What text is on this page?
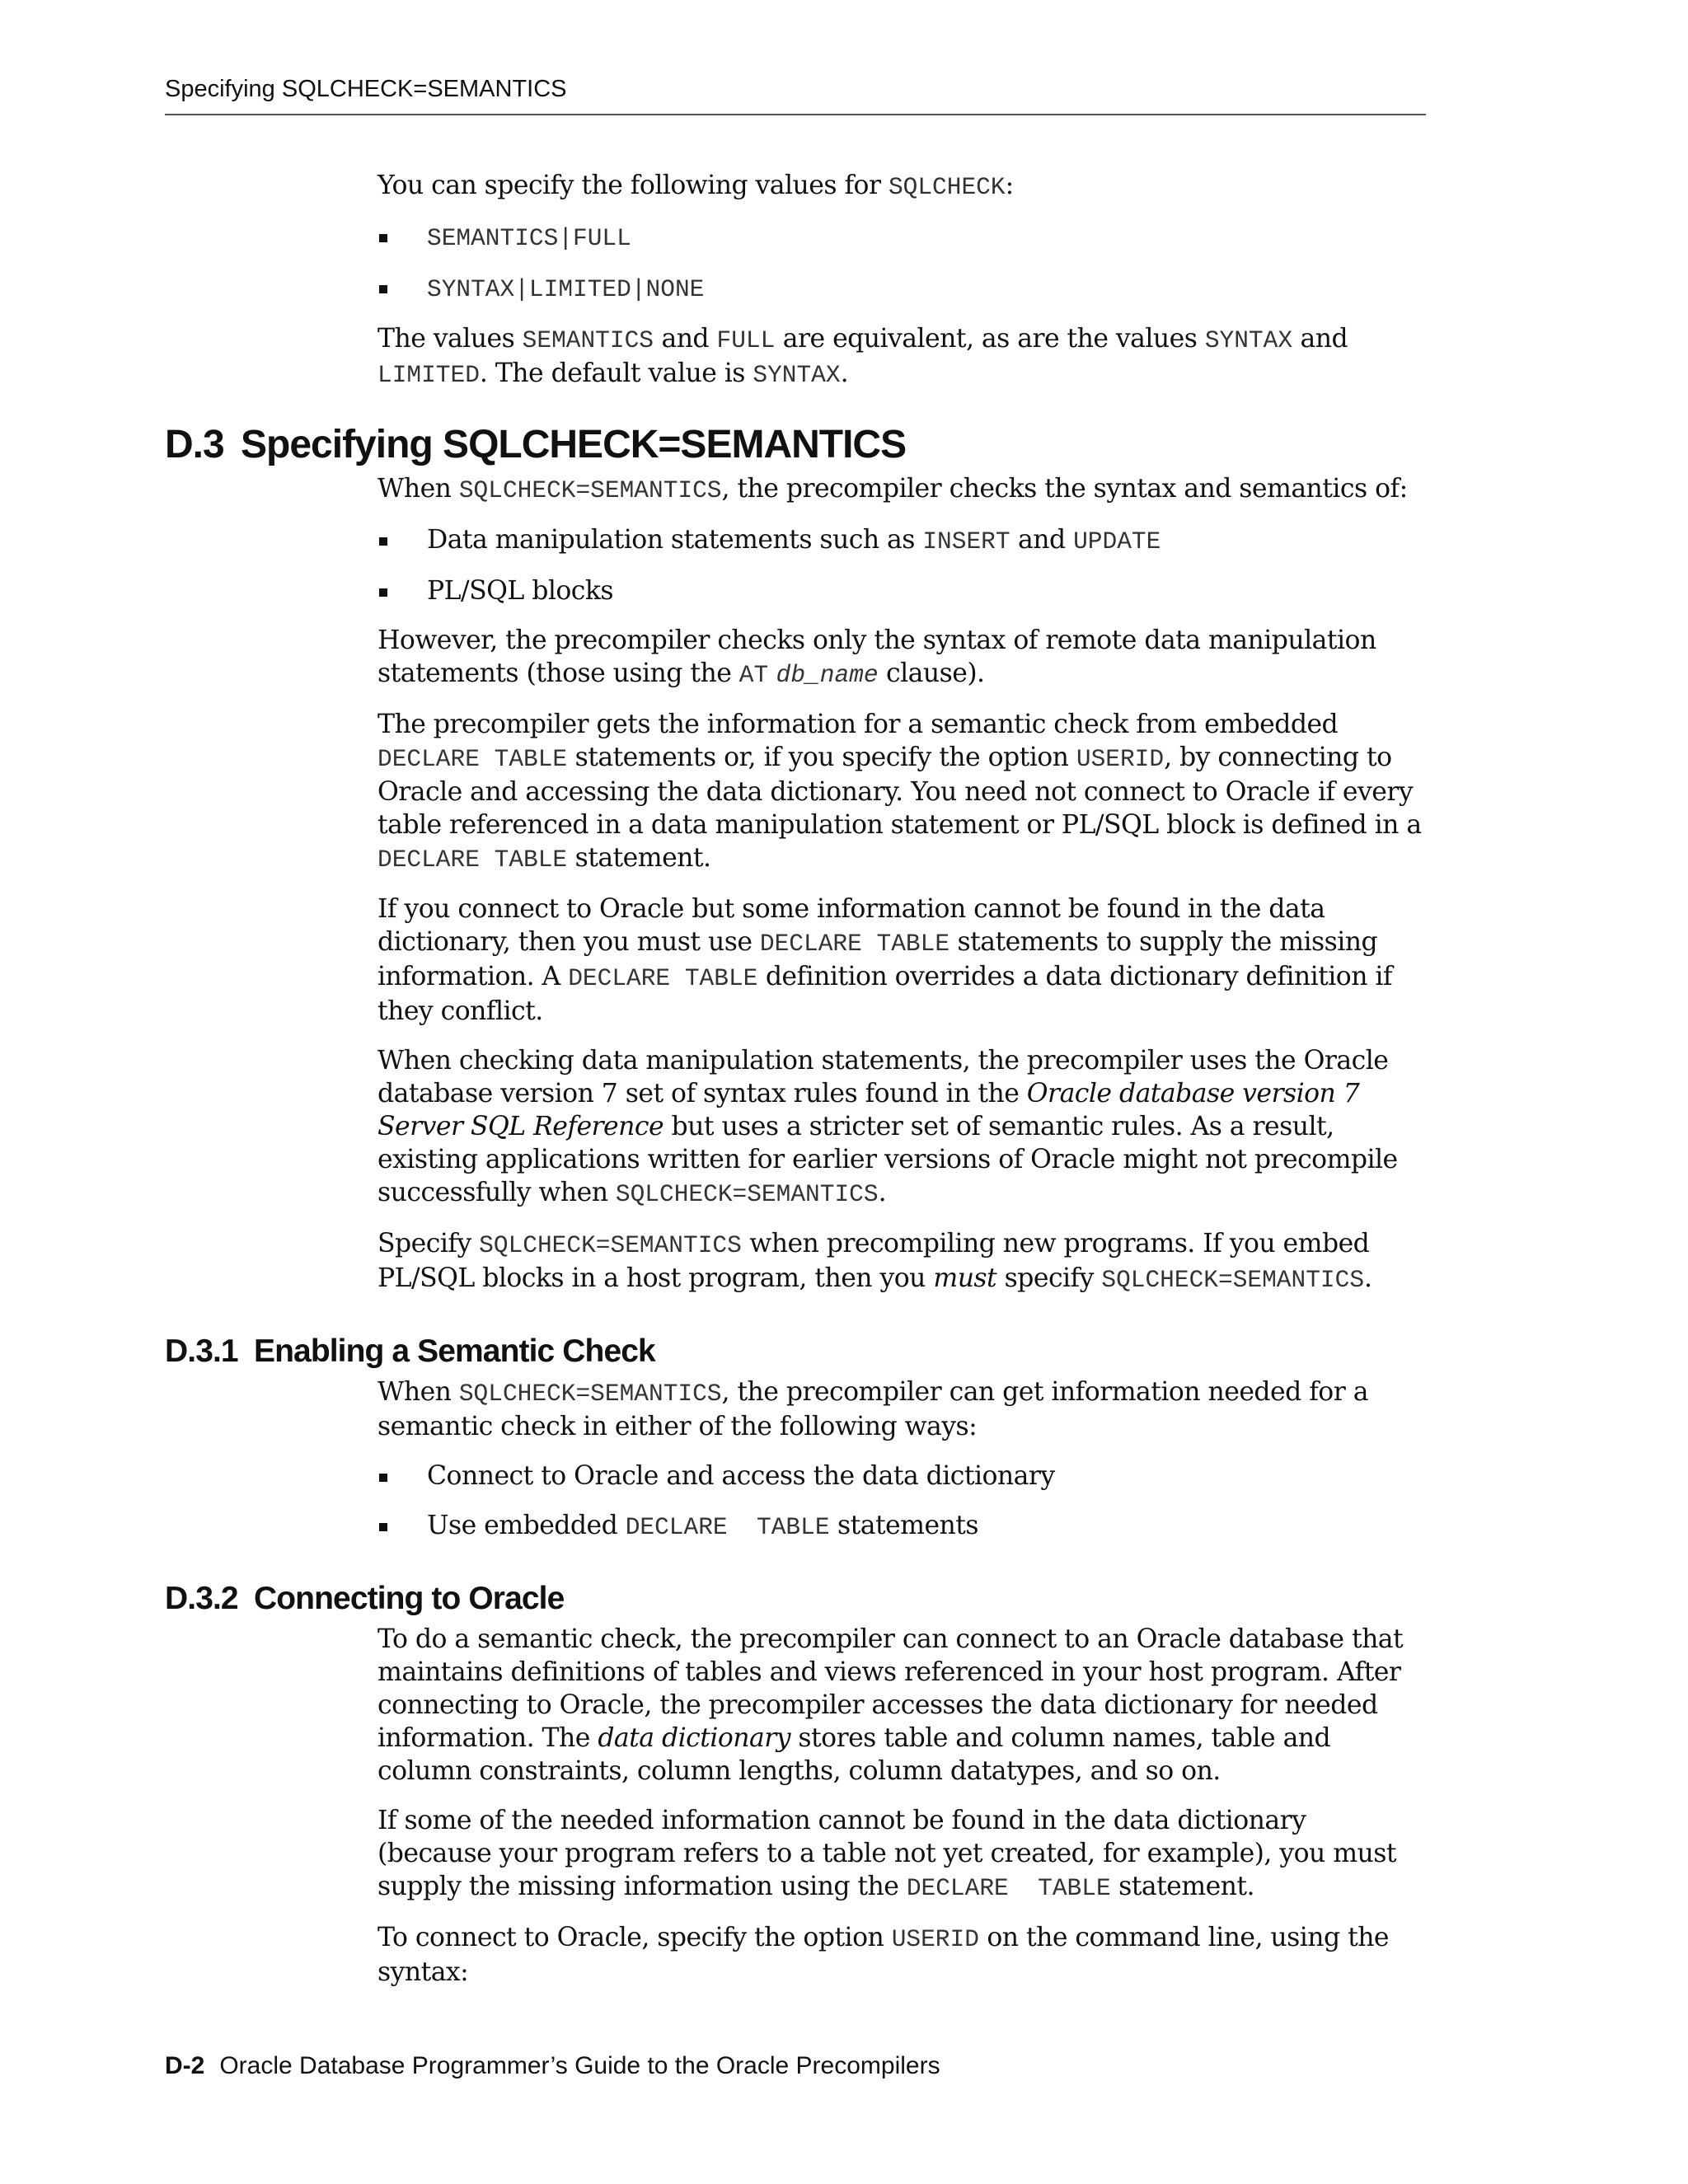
Specifying SQLCHECK=SEMANTICS

You can specify the following values for SQLCHECK:

SEMANTICS|FULL
SYNTAX|LIMITED|NONE

The values SEMANTICS and FULL are equivalent, as are the values SYNTAX and LIMITED. The default value is SYNTAX.

D.3 Specifying SQLCHECK=SEMANTICS

When SQLCHECK=SEMANTICS, the precompiler checks the syntax and semantics of:

Data manipulation statements such as INSERT and UPDATE
PL/SQL blocks

However, the precompiler checks only the syntax of remote data manipulation statements (those using the AT db_name clause).

The precompiler gets the information for a semantic check from embedded DECLARE TABLE statements or, if you specify the option USERID, by connecting to Oracle and accessing the data dictionary. You need not connect to Oracle if every table referenced in a data manipulation statement or PL/SQL block is defined in a DECLARE TABLE statement.

If you connect to Oracle but some information cannot be found in the data dictionary, then you must use DECLARE TABLE statements to supply the missing information. A DECLARE TABLE definition overrides a data dictionary definition if they conflict.

When checking data manipulation statements, the precompiler uses the Oracle database version 7 set of syntax rules found in the Oracle database version 7 Server SQL Reference but uses a stricter set of semantic rules. As a result, existing applications written for earlier versions of Oracle might not precompile successfully when SQLCHECK=SEMANTICS.

Specify SQLCHECK=SEMANTICS when precompiling new programs. If you embed PL/SQL blocks in a host program, then you must specify SQLCHECK=SEMANTICS.

D.3.1 Enabling a Semantic Check

When SQLCHECK=SEMANTICS, the precompiler can get information needed for a semantic check in either of the following ways:

Connect to Oracle and access the data dictionary
Use embedded DECLARE  TABLE statements
D.3.2 Connecting to Oracle

To do a semantic check, the precompiler can connect to an Oracle database that maintains definitions of tables and views referenced in your host program. After connecting to Oracle, the precompiler accesses the data dictionary for needed information. The data dictionary stores table and column names, table and column constraints, column lengths, column datatypes, and so on.

If some of the needed information cannot be found in the data dictionary (because your program refers to a table not yet created, for example), you must supply the missing information using the DECLARE  TABLE statement.

To connect to Oracle, specify the option USERID on the command line, using the syntax:

D-2 Oracle Database Programmer’s Guide to the Oracle Precompilers
